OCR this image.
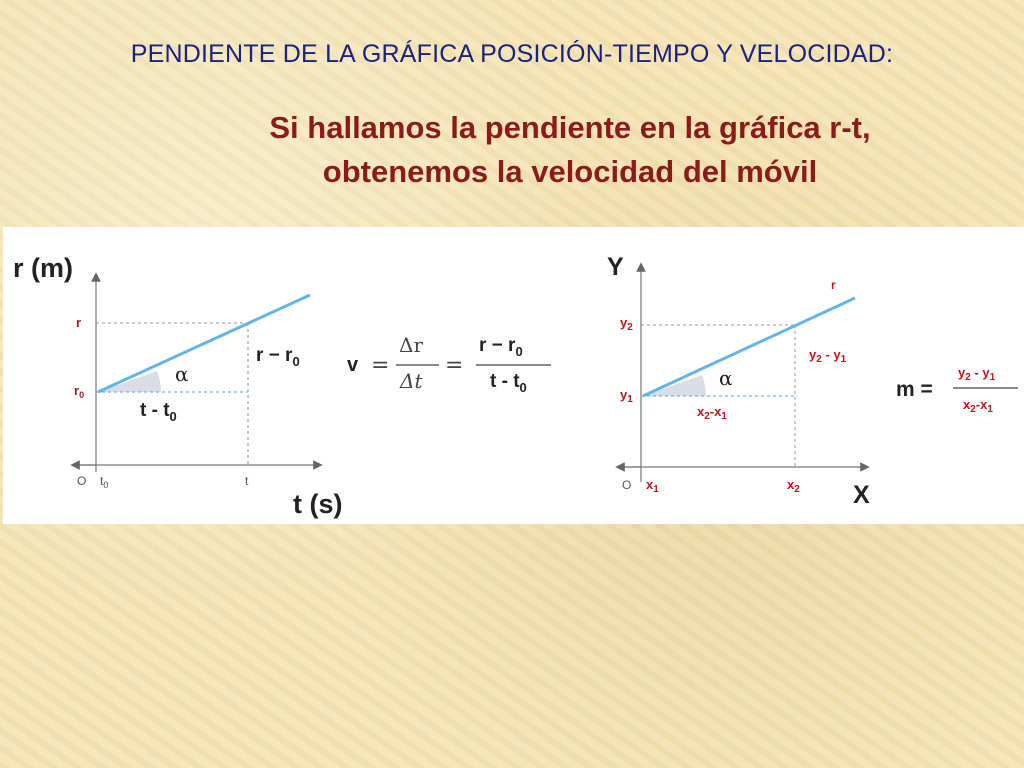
PENDIENTE DE LA GRÁFICA POSICIÓN-TIEMPO Y VELOCIDAD:
Si hallamos la pendiente en la gráfica r-t,
obtenemos la velocidad del móvil
r (m)
t (s)
O $t_0$	t
r
$r_0$
α
t - $t_0$
$r - r_0$ v =
Δr
Δt
=
$r - r_0$
t - $t_0$
Y
X
O
r
$y_2$
$y_1$
$x_1$	$x_2$
α
$y_2 - y_1$
$x_2-x_1$
m =
$y_2 - y_1$
$x_2-x_1$
